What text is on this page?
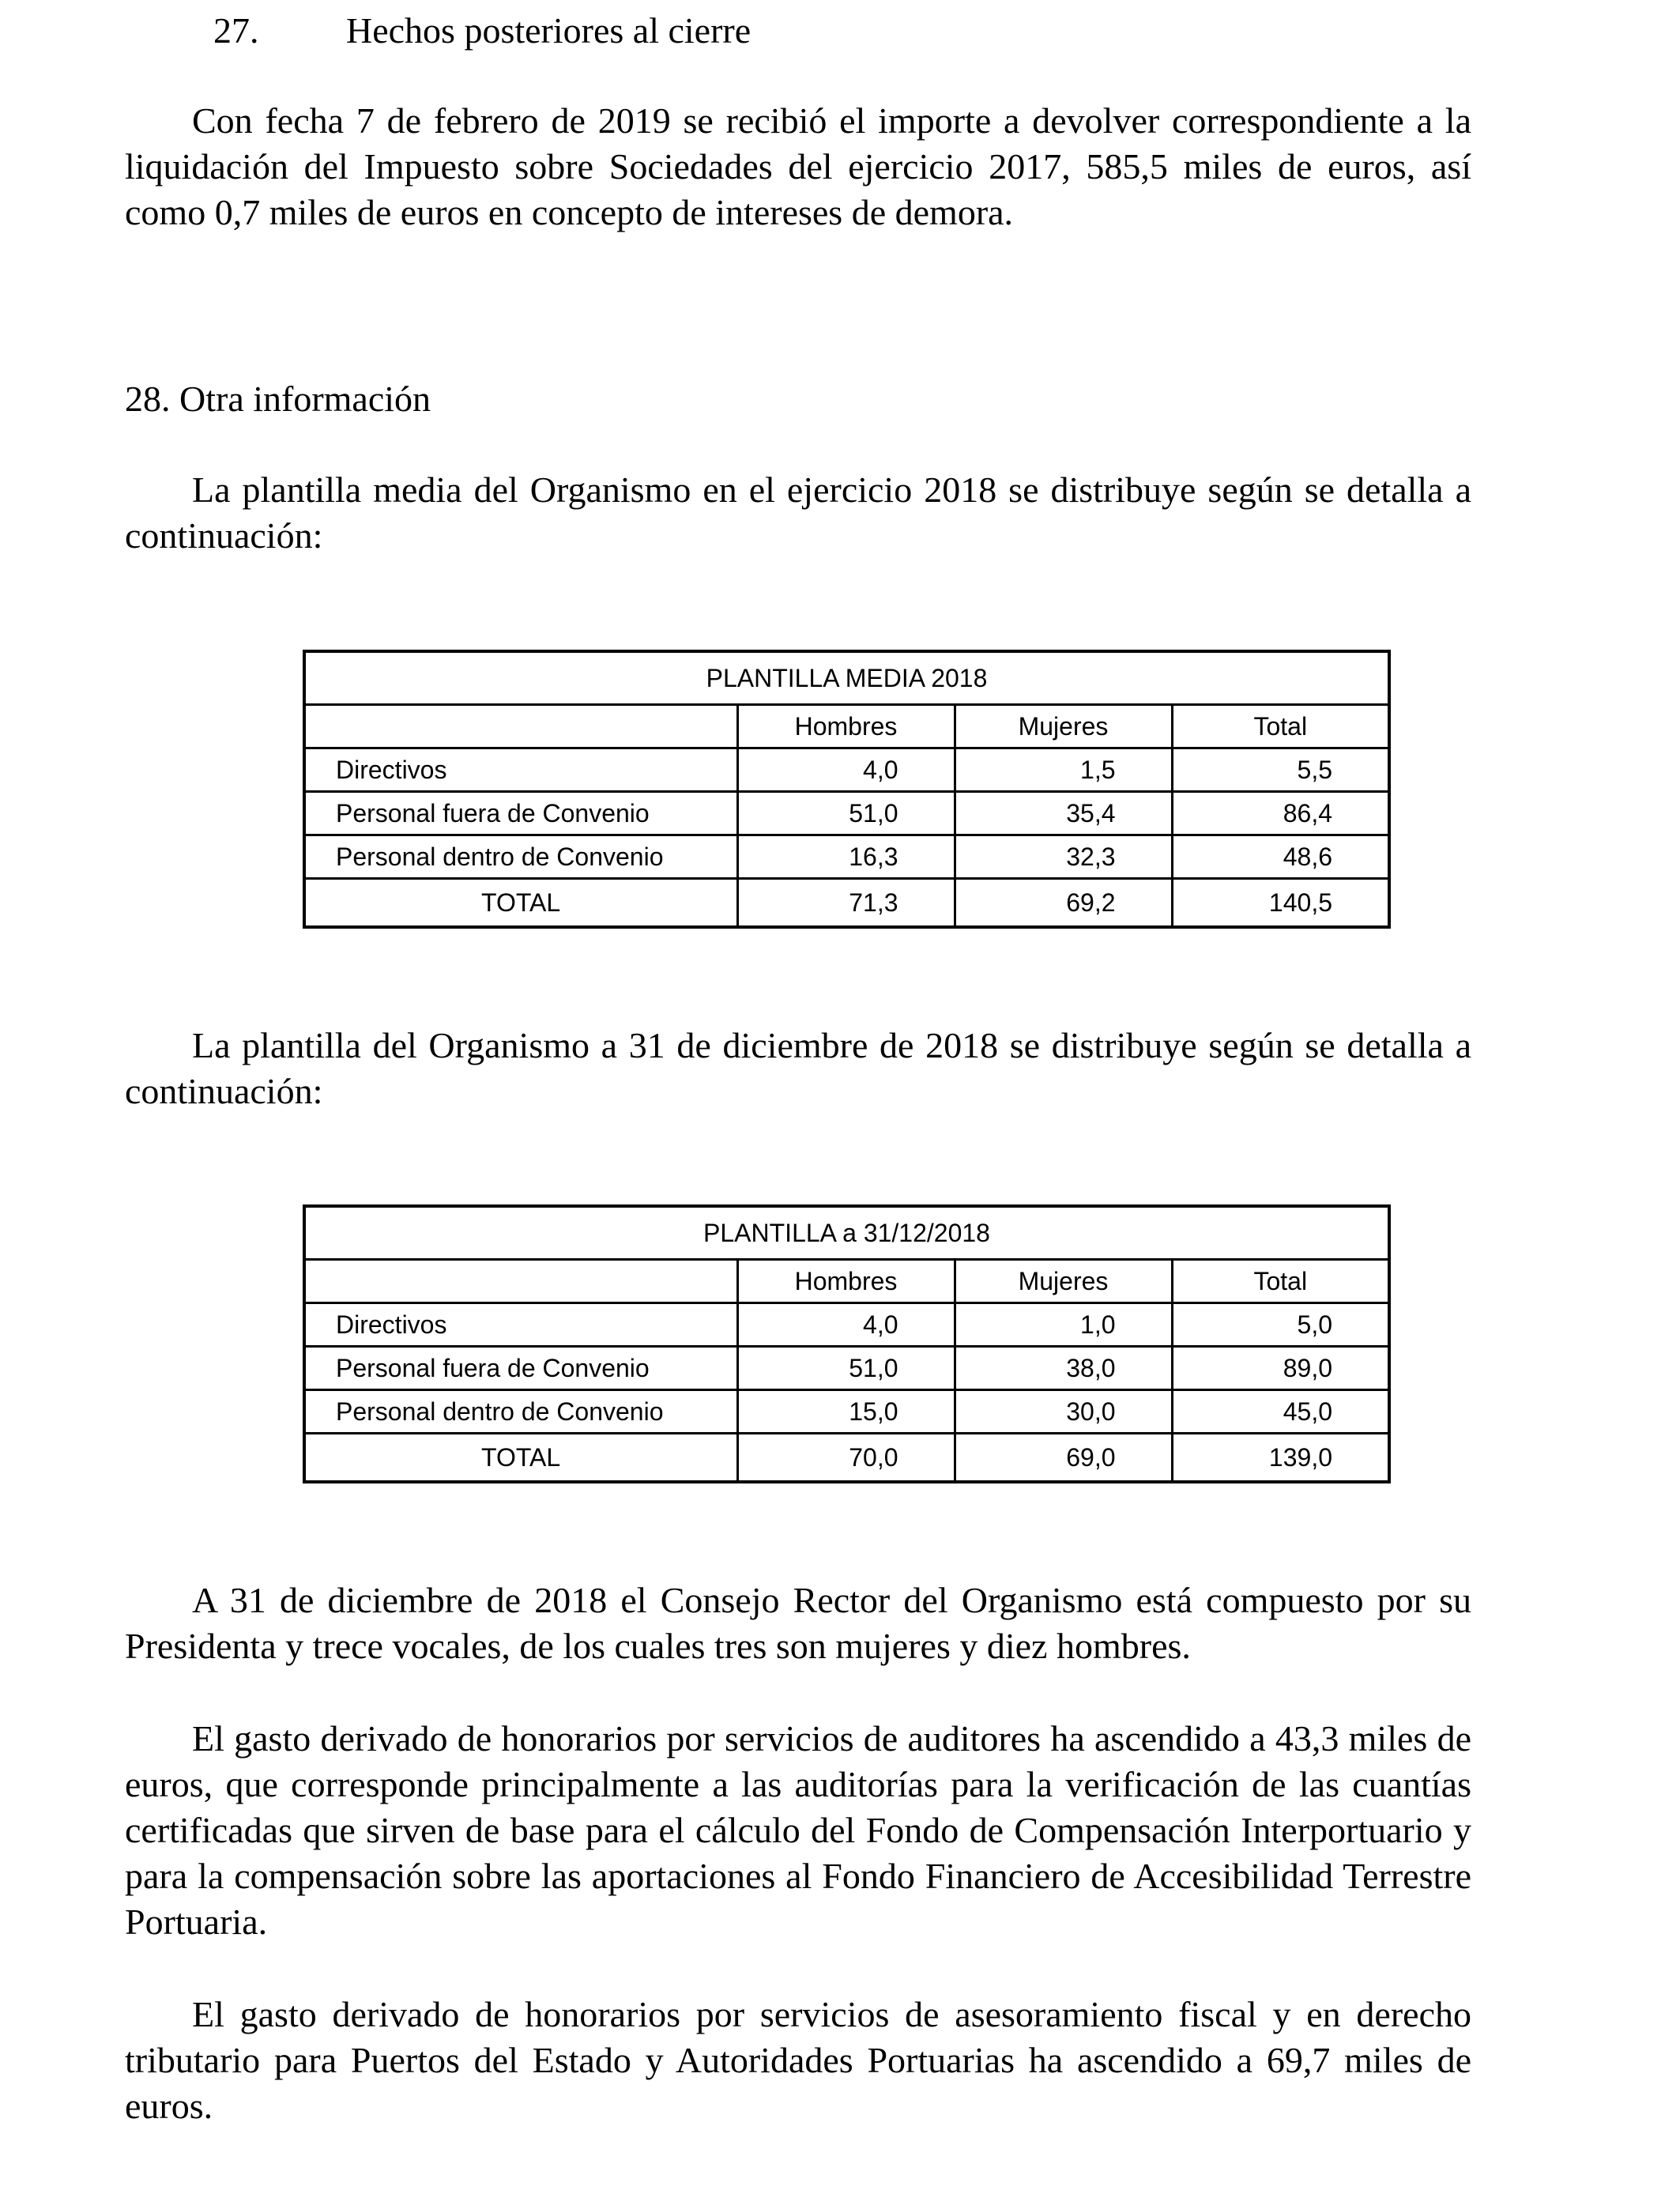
27. Hechos posteriores al cierre

Con fecha 7 de febrero de 2019 se recibió el importe a devolver correspondiente a la liquidación del Impuesto sobre Sociedades del ejercicio 2017, 585,5 miles de euros, así como 0,7 miles de euros en concepto de intereses de demora.

28. Otra información

La plantilla media del Organismo en el ejercicio 2018 se distribuye según se detalla a continuación:

PLANTILLA MEDIA 2018			
	Hombres	Mujeres	Total
Directivos	4,0	1,5	5,5
Personal fuera de Convenio	51,0	35,4	86,4
Personal dentro de Convenio	16,3	32,3	48,6
TOTAL	71,3	69,2	140,5

La plantilla del Organismo a 31 de diciembre de 2018 se distribuye según se detalla a continuación:

PLANTILLA a 31/12/2018			
	Hombres	Mujeres	Total
Directivos	4,0	1,0	5,0
Personal fuera de Convenio	51,0	38,0	89,0
Personal dentro de Convenio	15,0	30,0	45,0
TOTAL	70,0	69,0	139,0

A 31 de diciembre de 2018 el Consejo Rector del Organismo está compuesto por su Presidenta y trece vocales, de los cuales tres son mujeres y diez hombres.

El gasto derivado de honorarios por servicios de auditores ha ascendido a 43,3 miles de euros, que corresponde principalmente a las auditorías para la verificación de las cuantías certificadas que sirven de base para el cálculo del Fondo de Compensación Interportuario y para la compensación sobre las aportaciones al Fondo Financiero de Accesibilidad Terrestre Portuaria.

El gasto derivado de honorarios por servicios de asesoramiento fiscal y en derecho tributario para Puertos del Estado y Autoridades Portuarias ha ascendido a 69,7 miles de euros.
